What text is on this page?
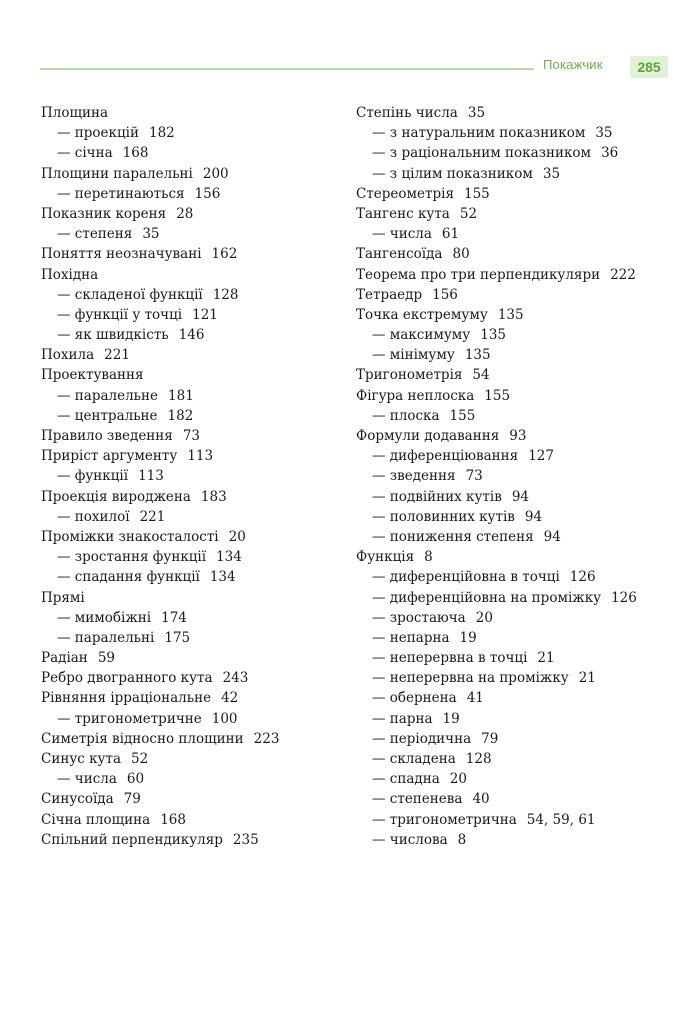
Покажчик	285
Площина
— проекцій 182
— січна 168
Площини паралельні 200
— перетинаються 156
Показник кореня 28
— степеня 35
Поняття неозначувані 162
Похідна
— складеної функції 128
— функції у точці 121
— як швидкість 146
Похила 221
Проектування
— паралельне 181
— центральне 182
Правило зведення 73
Приріст аргументу 113
— функції 113
Проекція вироджена 183
— похилої 221
Проміжки знакосталості 20
— зростання функції 134
— спадання функції 134
Прямі
— мимобіжні 174
— паралельні 175
Радіан 59
Ребро двогранного кута 243
Рівняння ірраціональне 42
— тригонометричне 100
Симетрія відносно площини 223
Синус кута 52
— числа 60
Синусоїда 79
Січна площина 168
Спільний перпендикуляр 235
Степінь числа 35
— з натуральним показником 35
— з раціональним показником 36
— з цілим показником 35
Стереометрія 155
Тангенс кута 52
— числа 61
Тангенсоїда 80
Теорема про три перпендикуляри 222
Тетраедр 156
Точка екстремуму 135
— максимуму 135
— мінімуму 135
Тригонометрія 54
Фігура неплоска 155
— плоска 155
Формули додавання 93
— диференціювання 127
— зведення 73
— подвійних кутів 94
— половинних кутів 94
— пониження степеня 94
Функція 8
— диференційовна в точці 126
— диференційовна на проміжку 126
— зростаюча 20
— непарна 19
— неперервна в точці 21
— неперервна на проміжку 21
— обернена 41
— парна 19
— періодична 79
— складена 128
— спадна 20
— степенева 40
— тригонометрична 54, 59, 61
— числова 8
